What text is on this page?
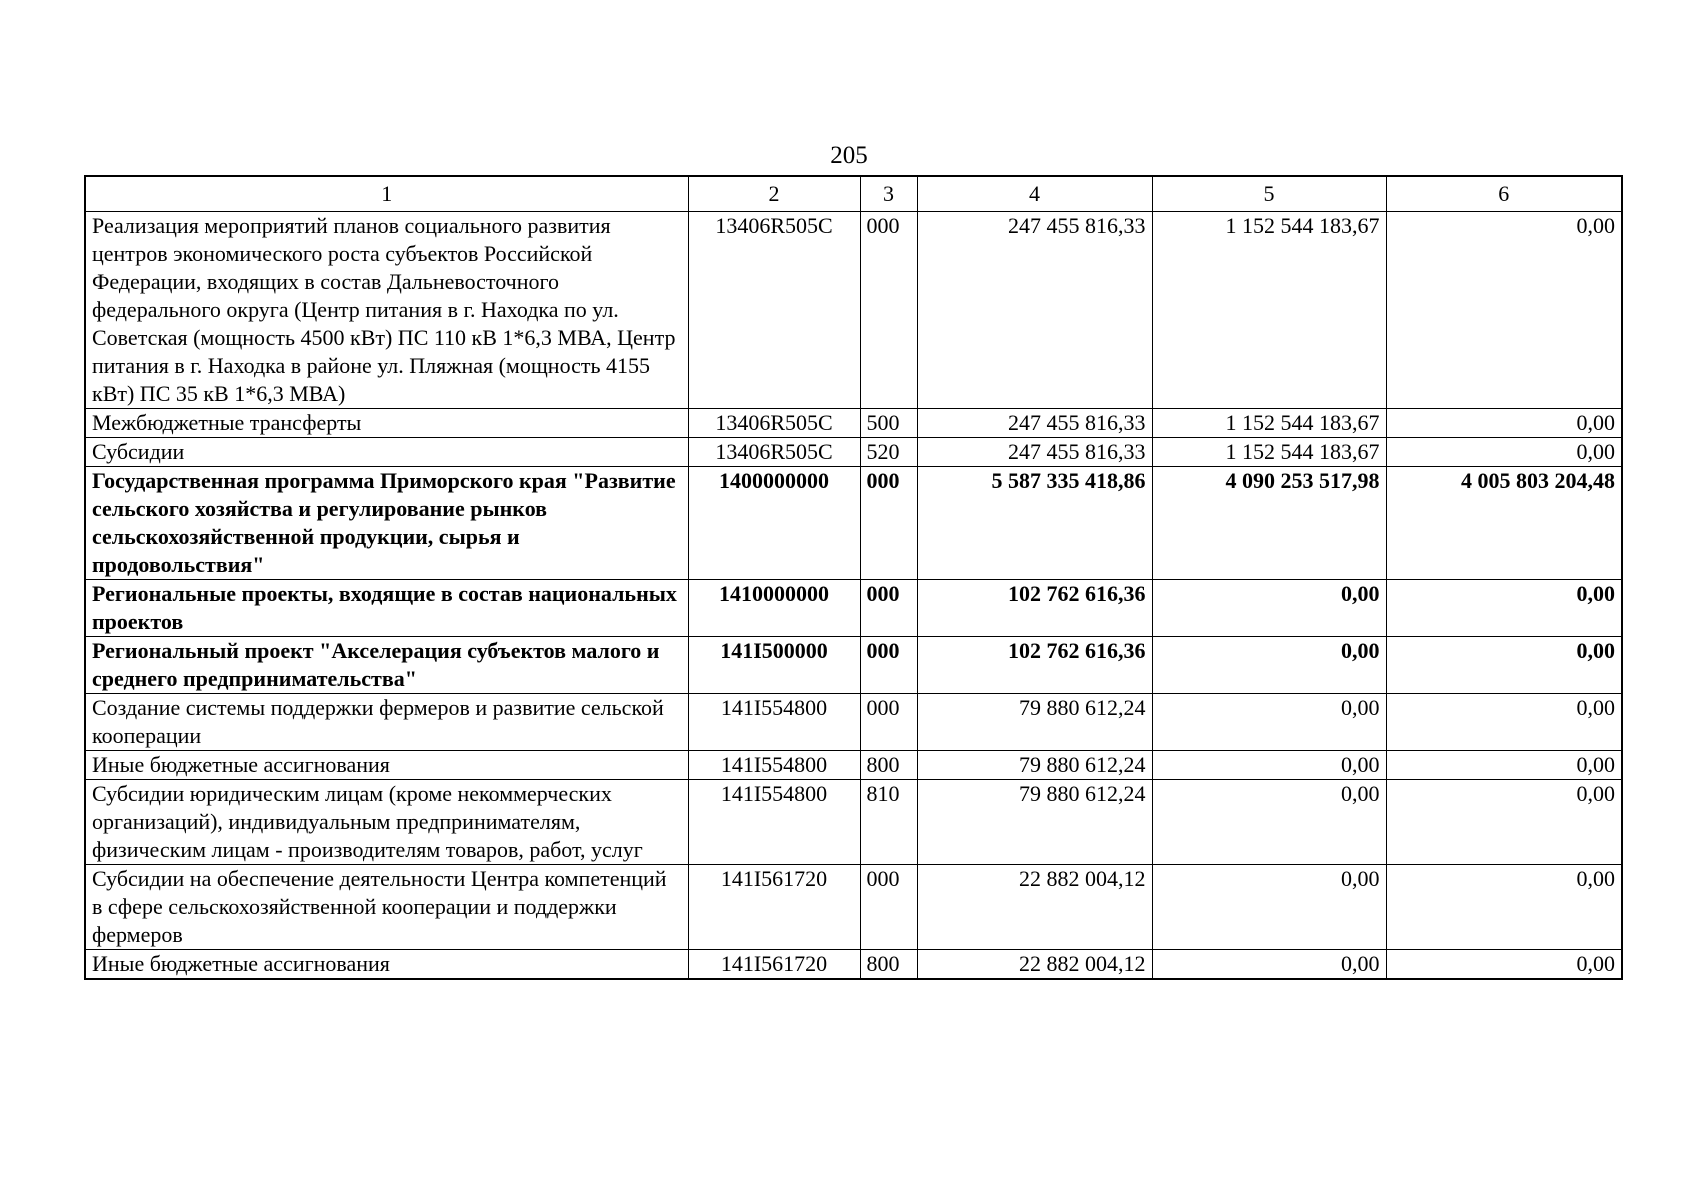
205
1	2	3	4	5	6
Реализация мероприятий планов социального развития центров экономического роста субъектов Российской Федерации, входящих в состав Дальневосточного федерального округа (Центр питания в г. Находка по ул. Советская (мощность 4500 кВт) ПС 110 кВ 1*6,3 МВА, Центр питания в г. Находка в районе ул. Пляжная (мощность 4155 кВт) ПС 35 кВ 1*6,3 МВА)	13406R505C	000	247 455 816,33	1 152 544 183,67	0,00
Межбюджетные трансферты	13406R505C	500	247 455 816,33	1 152 544 183,67	0,00
Субсидии	13406R505C	520	247 455 816,33	1 152 544 183,67	0,00
Государственная программа Приморского края "Развитие сельского хозяйства и регулирование рынков сельскохозяйственной продукции, сырья и продовольствия"	1400000000	000	5 587 335 418,86	4 090 253 517,98	4 005 803 204,48
Региональные проекты, входящие в состав национальных проектов	1410000000	000	102 762 616,36	0,00	0,00
Региональный проект "Акселерация субъектов малого и среднего предпринимательства"	141I500000	000	102 762 616,36	0,00	0,00
Создание системы поддержки фермеров и развитие сельской кооперации	141I554800	000	79 880 612,24	0,00	0,00
Иные бюджетные ассигнования	141I554800	800	79 880 612,24	0,00	0,00
Субсидии юридическим лицам (кроме некоммерческих организаций), индивидуальным предпринимателям, физическим лицам - производителям товаров, работ, услуг	141I554800	810	79 880 612,24	0,00	0,00
Субсидии на обеспечение деятельности Центра компетенций в сфере сельскохозяйственной кооперации и поддержки фермеров	141I561720	000	22 882 004,12	0,00	0,00
Иные бюджетные ассигнования	141I561720	800	22 882 004,12	0,00	0,00
